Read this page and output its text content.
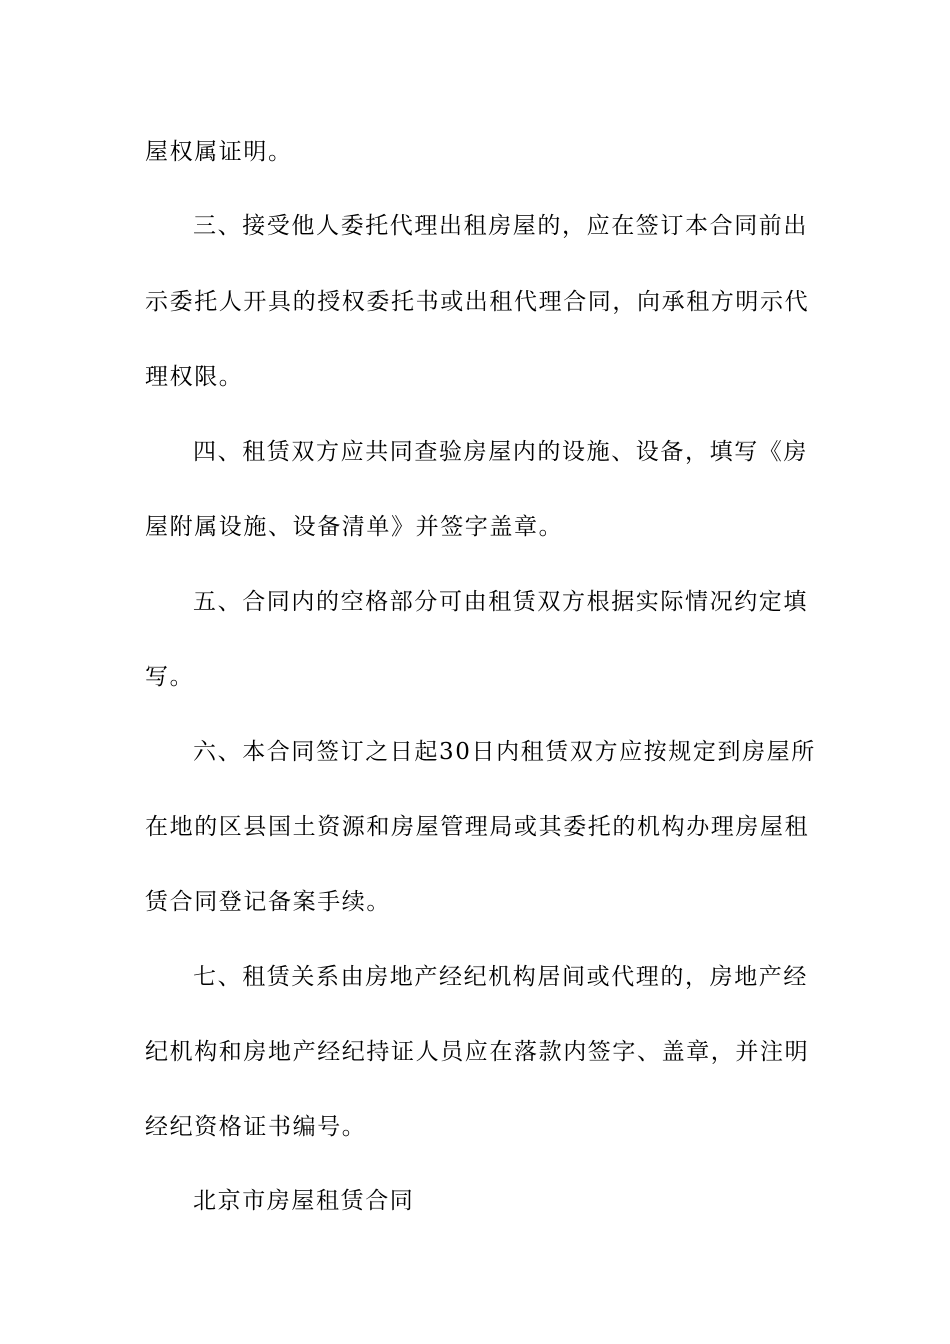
屋权属证明。
三、接受他人委托代理出租房屋的，应在签订本合同前出
示委托人开具的授权委托书或出租代理合同，向承租方明示代
理权限。
四、租赁双方应共同查验房屋内的设施、设备，填写《房
屋附属设施、设备清单》并签字盖章。
五、合同内的空格部分可由租赁双方根据实际情况约定填
写。
六、本合同签订之日起30日内租赁双方应按规定到房屋所
在地的区县国土资源和房屋管理局或其委托的机构办理房屋租
赁合同登记备案手续。
七、租赁关系由房地产经纪机构居间或代理的，房地产经
纪机构和房地产经纪持证人员应在落款内签字、盖章，并注明
经纪资格证书编号。
北京市房屋租赁合同
